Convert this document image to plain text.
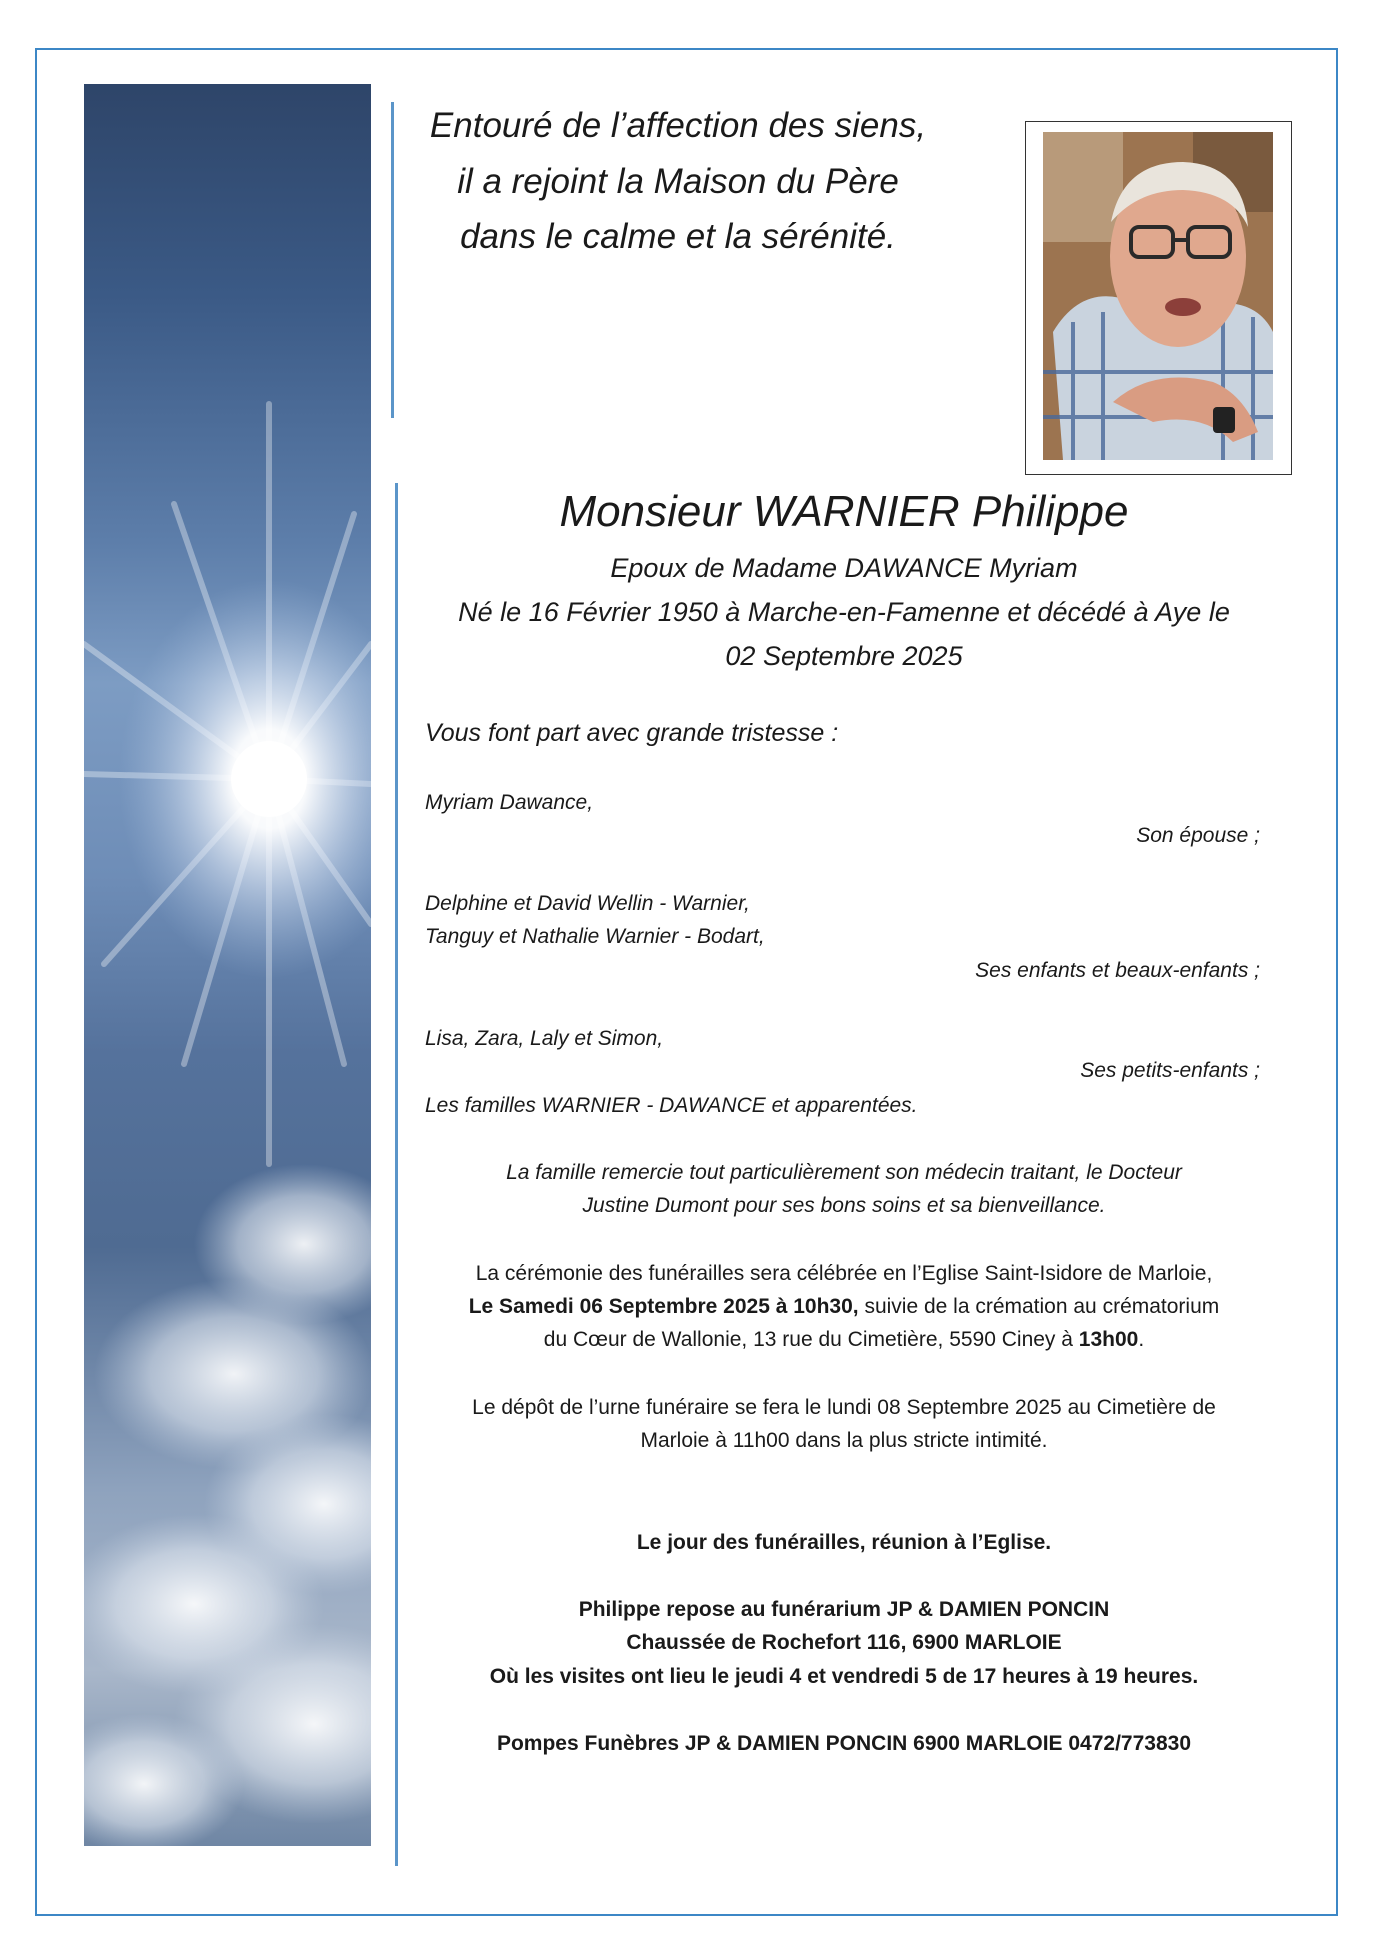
Entouré de l’affection des siens,
il a rejoint la Maison du Père
dans le calme et la sérénité.
Monsieur WARNIER Philippe
Epoux de Madame DAWANCE Myriam
Né le 16 Février 1950 à Marche-en-Famenne et décédé à Aye le
02 Septembre 2025
Vous font part avec grande tristesse :
Myriam Dawance,
Son épouse ;
Delphine et David Wellin - Warnier,
Tanguy et Nathalie Warnier - Bodart,
Ses enfants et beaux-enfants ;
Lisa, Zara, Laly et Simon,
Ses petits-enfants ;
Les familles WARNIER - DAWANCE et apparentées.
La famille remercie tout particulièrement son médecin traitant, le Docteur
Justine Dumont pour ses bons soins et sa bienveillance.
La cérémonie des funérailles sera célébrée en l’Eglise Saint-Isidore de Marloie,
Le Samedi 06 Septembre 2025 à 10h30, suivie de la crémation au crématorium
du Cœur de Wallonie, 13 rue du Cimetière, 5590 Ciney à 13h00.
Le dépôt de l’urne funéraire se fera le lundi 08 Septembre 2025 au Cimetière de
Marloie à 11h00 dans la plus stricte intimité.
Le jour des funérailles, réunion à l’Eglise.
Philippe repose au funérarium JP & DAMIEN PONCIN
Chaussée de Rochefort 116, 6900 MARLOIE
Où les visites ont lieu le jeudi 4 et vendredi 5 de 17 heures à 19 heures.
Pompes Funèbres JP & DAMIEN PONCIN 6900 MARLOIE 0472/773830
